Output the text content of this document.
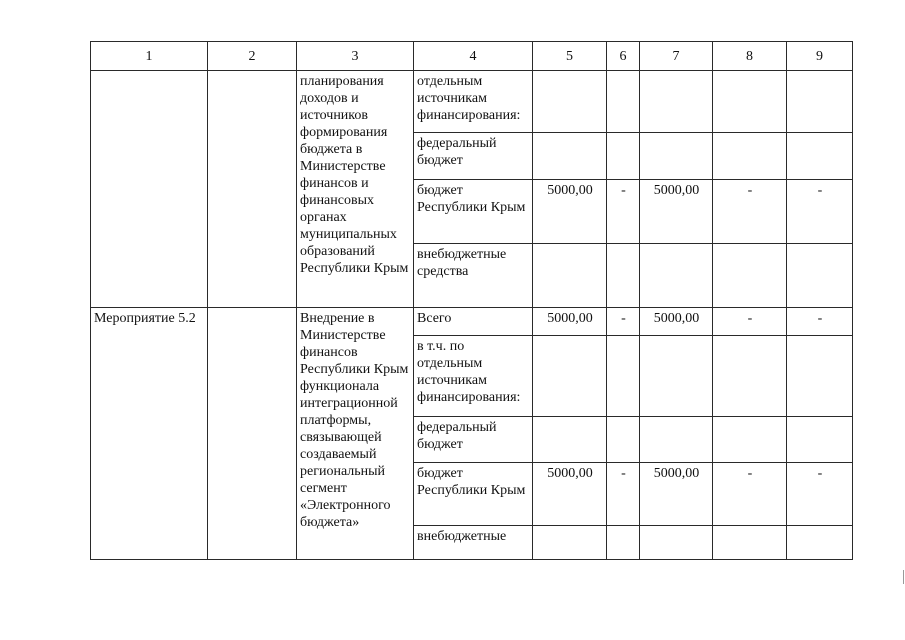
1	2	3	4	5	6	7	8	9
		планирования доходов и источников формирования бюджета в Министерстве финансов и финансовых органах муниципальных образований Республики Крым	отдельным источникам финансирования:					
			федеральный бюджет					
			бюджет Республики Крым	5000,00	-	5000,00	-	-
			внебюджетные средства					
Мероприятие 5.2		Внедрение в Министерстве финансов Республики Крым функционала интеграционной платформы, связывающей создаваемый региональный сегмент «Электронного бюджета»	Всего	5000,00	-	5000,00	-	-
			в т.ч. по отдельным источникам финансирования:					
			федеральный бюджет					
			бюджет Республики Крым	5000,00	-	5000,00	-	-
			внебюджетные					
